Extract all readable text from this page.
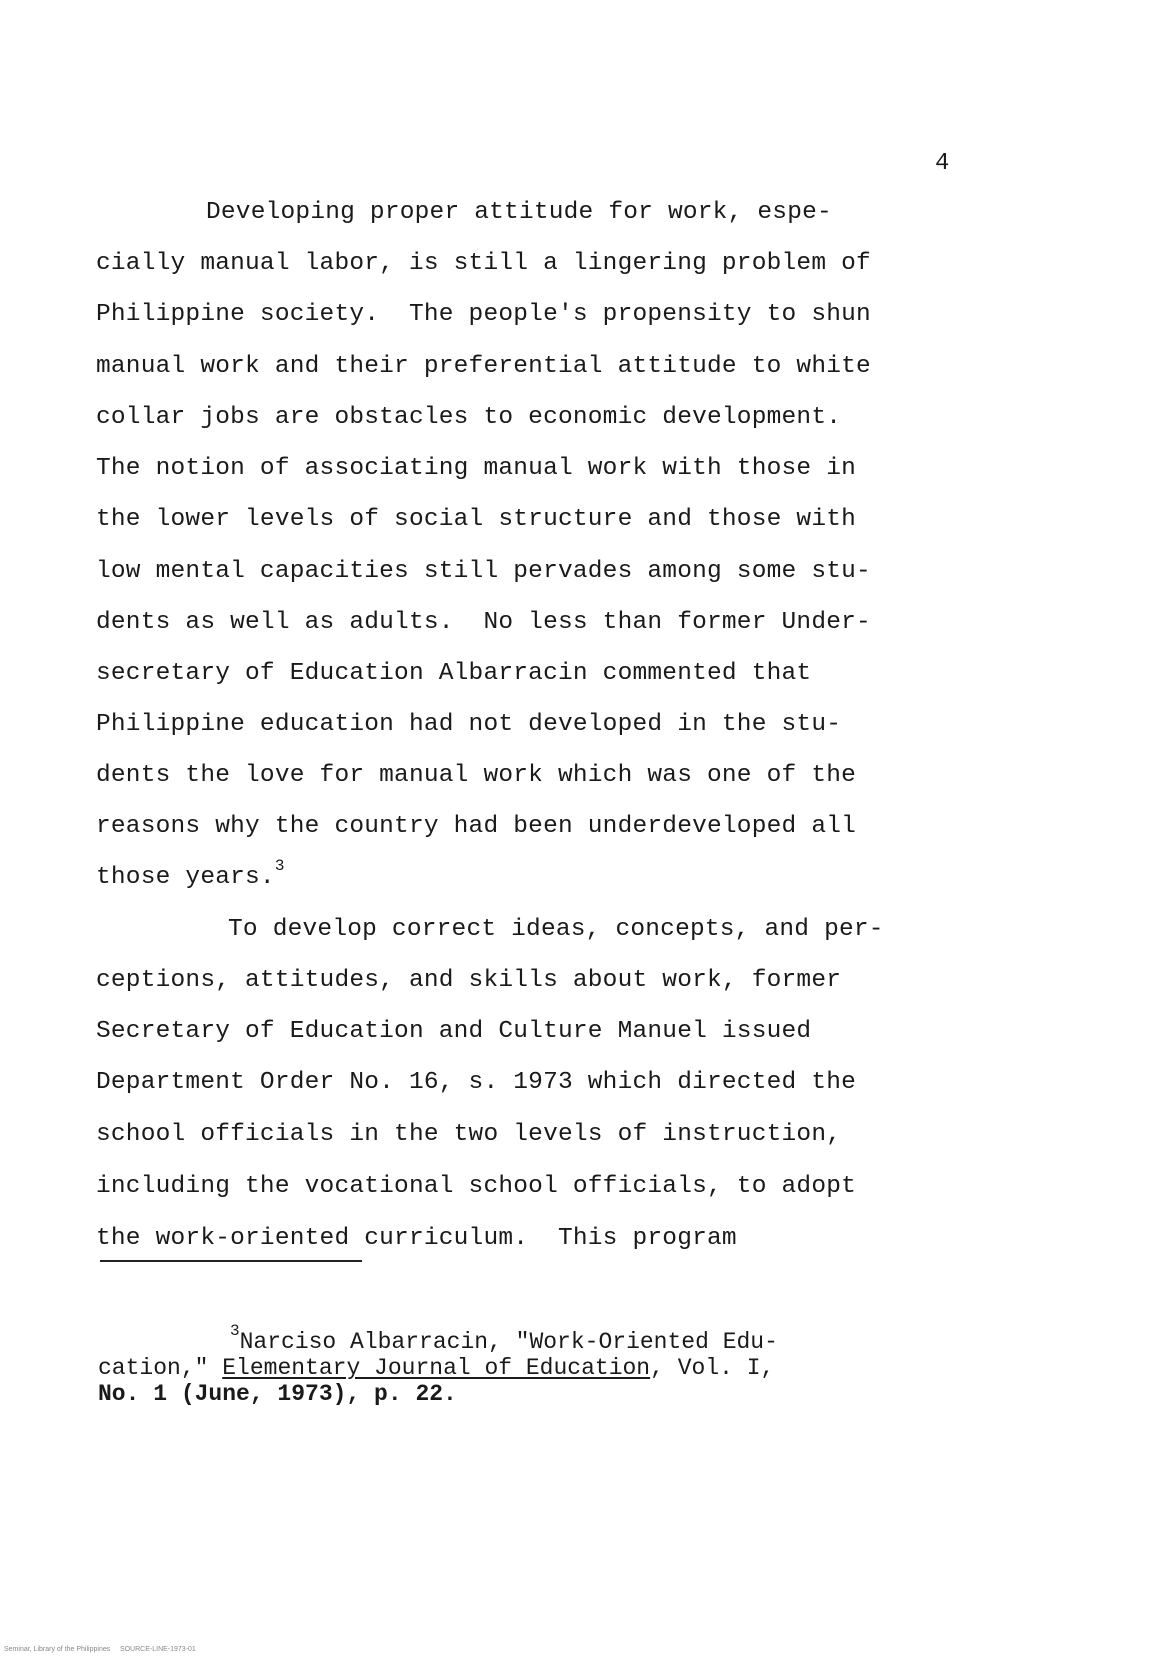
4
Developing proper attitude for work, espe-
cially manual labor, is still a lingering problem of
Philippine society.  The people's propensity to shun
manual work and their preferential attitude to white
collar jobs are obstacles to economic development.
The notion of associating manual work with those in
the lower levels of social structure and those with
low mental capacities still pervades among some stu-
dents as well as adults.  No less than former Under-
secretary of Education Albarracin commented that
Philippine education had not developed in the stu-
dents the love for manual work which was one of the
reasons why the country had been underdeveloped all
those years.$^3$
To develop correct ideas, concepts, and per-
ceptions, attitudes, and skills about work, former
Secretary of Education and Culture Manuel issued
Department Order No. 16, s. 1973 which directed the
school officials in the two levels of instruction,
including the vocational school officials, to adopt
the work-oriented curriculum.  This program
$^3$Narciso Albarracin, "Work-Oriented Edu-
cation," Elementary Journal of Education, Vol. I,
No. 1 (June, 1973), p. 22.
Seminar, Library of the Philippines     SOURCE-LINE-1973-01
